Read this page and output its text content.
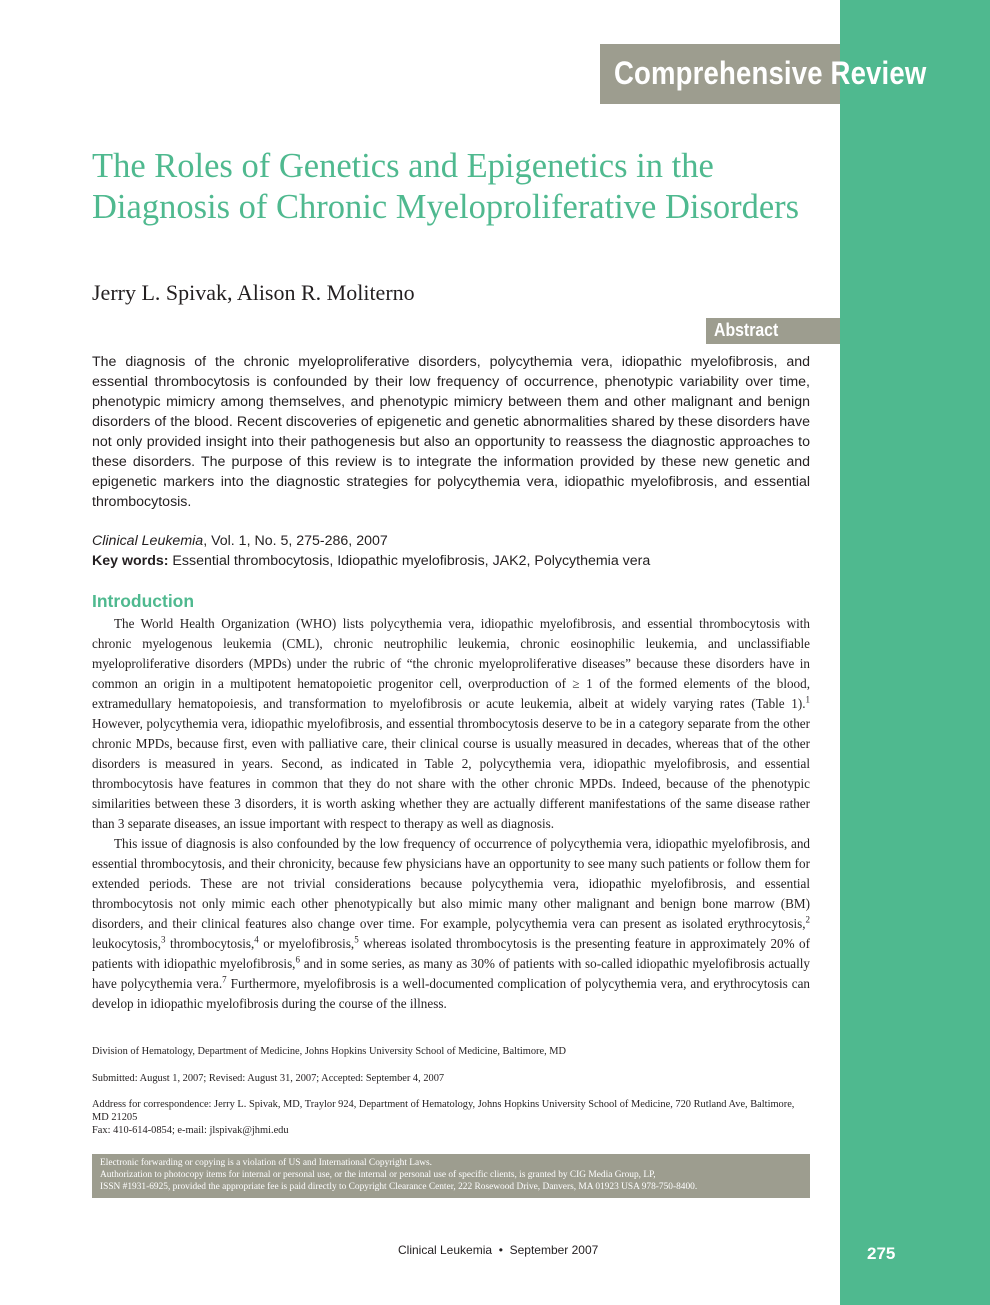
Comprehensive Review
The Roles of Genetics and Epigenetics in the Diagnosis of Chronic Myeloproliferative Disorders
Jerry L. Spivak, Alison R. Moliterno
Abstract
The diagnosis of the chronic myeloproliferative disorders, polycythemia vera, idiopathic myelofibrosis, and essential thrombocytosis is confounded by their low frequency of occurrence, phenotypic variability over time, phenotypic mimicry among themselves, and phenotypic mimicry between them and other malignant and benign disorders of the blood. Recent discoveries of epigenetic and genetic abnormalities shared by these disorders have not only provided insight into their pathogenesis but also an opportunity to reassess the diagnostic approaches to these disorders. The purpose of this review is to integrate the information provided by these new genetic and epigenetic markers into the diagnostic strategies for polycythemia vera, idiopathic myelofibrosis, and essential thrombocytosis.
Clinical Leukemia, Vol. 1, No. 5, 275-286, 2007
Key words: Essential thrombocytosis, Idiopathic myelofibrosis, JAK2, Polycythemia vera
Introduction

The World Health Organization (WHO) lists polycythemia vera, idiopathic myelofibrosis, and essential thrombocytosis with chronic myelogenous leukemia (CML), chronic neutrophilic leukemia, chronic eosinophilic leukemia, and unclassifiable myeloproliferative disorders (MPDs) under the rubric of “the chronic myeloproliferative diseases” because these disorders have in common an origin in a multipotent hematopoietic progenitor cell, overproduction of ≥ 1 of the formed elements of the blood, extramedullary hematopoiesis, and transformation to myelofibrosis or acute leukemia, albeit at widely varying rates (Table 1).$^1$ However, polycythemia vera, idiopathic myelofibrosis, and essential thrombocytosis deserve to be in a category separate from the other chronic MPDs, because first, even with palliative care, their clinical course is usually measured in decades, whereas that of the other disorders is measured in years. Second, as indicated in Table 2, polycythemia vera, idiopathic myelofibrosis, and essential thrombocytosis have features in common that they do not share with the other chronic MPDs. Indeed, because of the phenotypic similarities between these 3 disorders, it is worth asking whether they are actually different manifestations of the same disease rather than 3 separate diseases, an issue important with respect to therapy as well as diagnosis.

This issue of diagnosis is also confounded by the low frequency of occurrence of polycythemia vera, idiopathic myelofibrosis, and essential thrombocytosis, and their chronicity, because few physicians have an opportunity to see many such patients or follow them for extended periods. These are not trivial considerations because polycythemia vera, idiopathic myelofibrosis, and essential thrombocytosis not only mimic each other phenotypically but also mimic many other malignant and benign bone marrow (BM) disorders, and their clinical features also change over time. For example, polycythemia vera can present as isolated erythrocytosis,$^2$ leukocytosis,$^3$ thrombocytosis,$^4$ or myelofibrosis,$^5$ whereas isolated thrombocytosis is the presenting feature in approximately 20% of patients with idiopathic myelofibrosis,$^6$ and in some series, as many as 30% of patients with so-called idiopathic myelofibrosis actually have polycythemia vera.$^7$ Furthermore, myelofibrosis is a well-documented complication of polycythemia vera, and erythrocytosis can develop in idiopathic myelofibrosis during the course of the illness.

Division of Hematology, Department of Medicine, Johns Hopkins University School of Medicine, Baltimore, MD
Submitted: August 1, 2007; Revised: August 31, 2007; Accepted: September 4, 2007
Address for correspondence: Jerry L. Spivak, MD, Traylor 924, Department of Hematology, Johns Hopkins University School of Medicine, 720 Rutland Ave, Baltimore, MD 21205
Fax: 410-614-0854; e-mail: jlspivak@jhmi.edu
Electronic forwarding or copying is a violation of US and International Copyright Laws.
Authorization to photocopy items for internal or personal use, or the internal or personal use of specific clients, is granted by CIG Media Group, LP,
ISSN #1931-6925, provided the appropriate fee is paid directly to Copyright Clearance Center, 222 Rosewood Drive, Danvers, MA 01923 USA 978-750-8400.
Clinical Leukemia • September 2007	275
